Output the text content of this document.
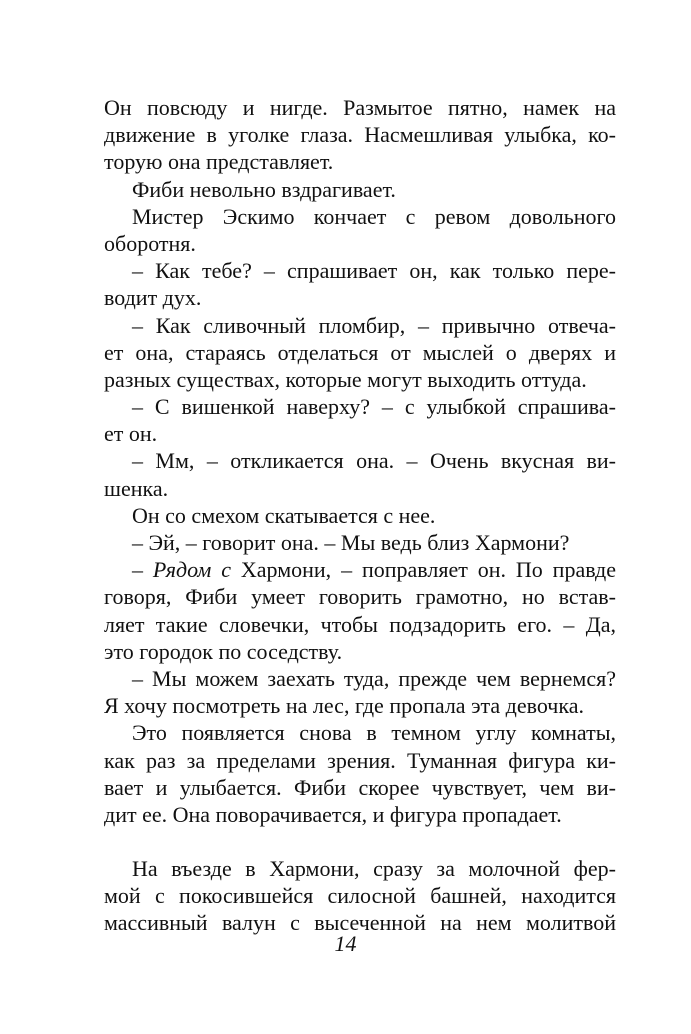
Он повсюду и нигде. Размытое пятно, намек на
движение в уголке глаза. Насмешливая улыбка, ко-
торую она представляет.
Фиби невольно вздрагивает.
Мистер Эскимо кончает с ревом довольного
оборотня.
– Как тебе? – спрашивает он, как только пере-
водит дух.
– Как сливочный пломбир, – привычно отвеча-
ет она, стараясь отделаться от мыслей о дверях и
разных существах, которые могут выходить оттуда.
– С вишенкой наверху? – с улыбкой спрашива-
ет он.
– Мм, – откликается она. – Очень вкусная ви-
шенка.
Он со смехом скатывается с нее.
– Эй, – говорит она. – Мы ведь близ Хармони?
– Рядом с Хармони, – поправляет он. По правде
говоря, Фиби умеет говорить грамотно, но встав-
ляет такие словечки, чтобы подзадорить его. – Да,
это городок по соседству.
– Мы можем заехать туда, прежде чем вернемся?
Я хочу посмотреть на лес, где пропала эта девочка.
Это появляется снова в темном углу комнаты,
как раз за пределами зрения. Туманная фигура ки-
вает и улыбается. Фиби скорее чувствует, чем ви-
дит ее. Она поворачивается, и фигура пропадает.
На въезде в Хармони, сразу за молочной фер-
мой с покосившейся силосной башней, находится
массивный валун с высеченной на нем молитвой
14
